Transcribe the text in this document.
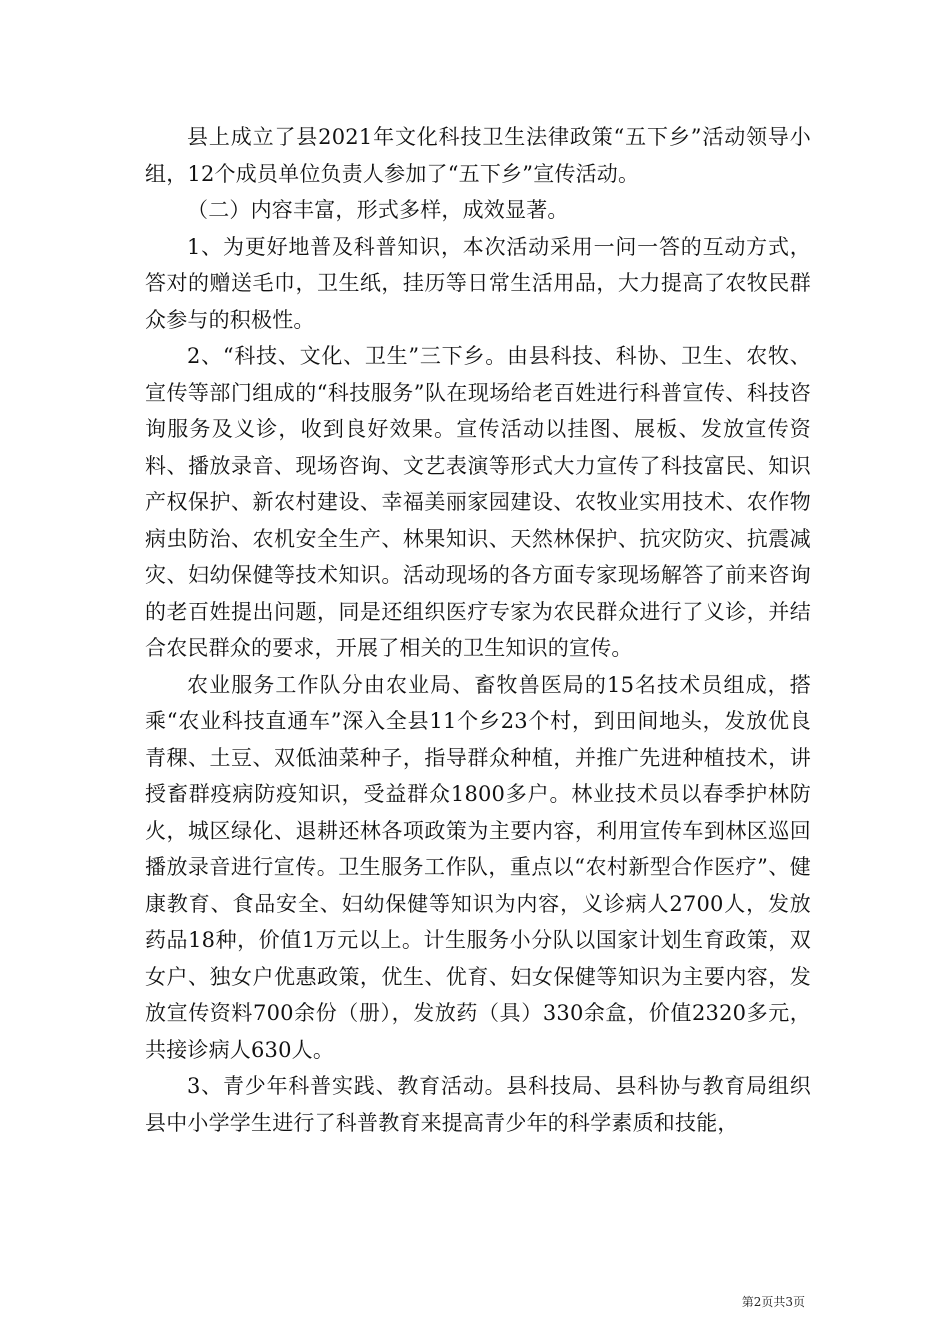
县上成立了县2021年文化科技卫生法律政策“五下乡”活动领导小组，12个成员单位负责人参加了“五下乡”宣传活动。

（二）内容丰富，形式多样，成效显著。

1、为更好地普及科普知识，本次活动采用一问一答的互动方式，答对的赠送毛巾，卫生纸，挂历等日常生活用品，大力提高了农牧民群众参与的积极性。

2、“科技、文化、卫生”三下乡。由县科技、科协、卫生、农牧、宣传等部门组成的“科技服务”队在现场给老百姓进行科普宣传、科技咨询服务及义诊，收到良好效果。宣传活动以挂图、展板、发放宣传资料、播放录音、现场咨询、文艺表演等形式大力宣传了科技富民、知识产权保护、新农村建设、幸福美丽家园建设、农牧业实用技术、农作物病虫防治、农机安全生产、林果知识、天然林保护、抗灾防灾、抗震减灾、妇幼保健等技术知识。活动现场的各方面专家现场解答了前来咨询的老百姓提出问题，同是还组织医疗专家为农民群众进行了义诊，并结合农民群众的要求，开展了相关的卫生知识的宣传。

农业服务工作队分由农业局、畜牧兽医局的15名技术员组成，搭乘“农业科技直通车”深入全县11个乡23个村，到田间地头，发放优良青稞、土豆、双低油菜种子，指导群众种植，并推广先进种植技术，讲授畜群疫病防疫知识，受益群众1800多户。林业技术员以春季护林防火，城区绿化、退耕还林各项政策为主要内容，利用宣传车到林区巡回播放录音进行宣传。卫生服务工作队，重点以“农村新型合作医疗”、健康教育、食品安全、妇幼保健等知识为内容，义诊病人2700人，发放药品18种，价值1万元以上。计生服务小分队以国家计划生育政策，双女户、独女户优惠政策，优生、优育、妇女保健等知识为主要内容，发放宣传资料700余份（册），发放药（具）330余盒，价值2320多元，共接诊病人630人。

3、青少年科普实践、教育活动。县科技局、县科协与教育局组织县中小学学生进行了科普教育来提高青少年的科学素质和技能，

第2页共3页
